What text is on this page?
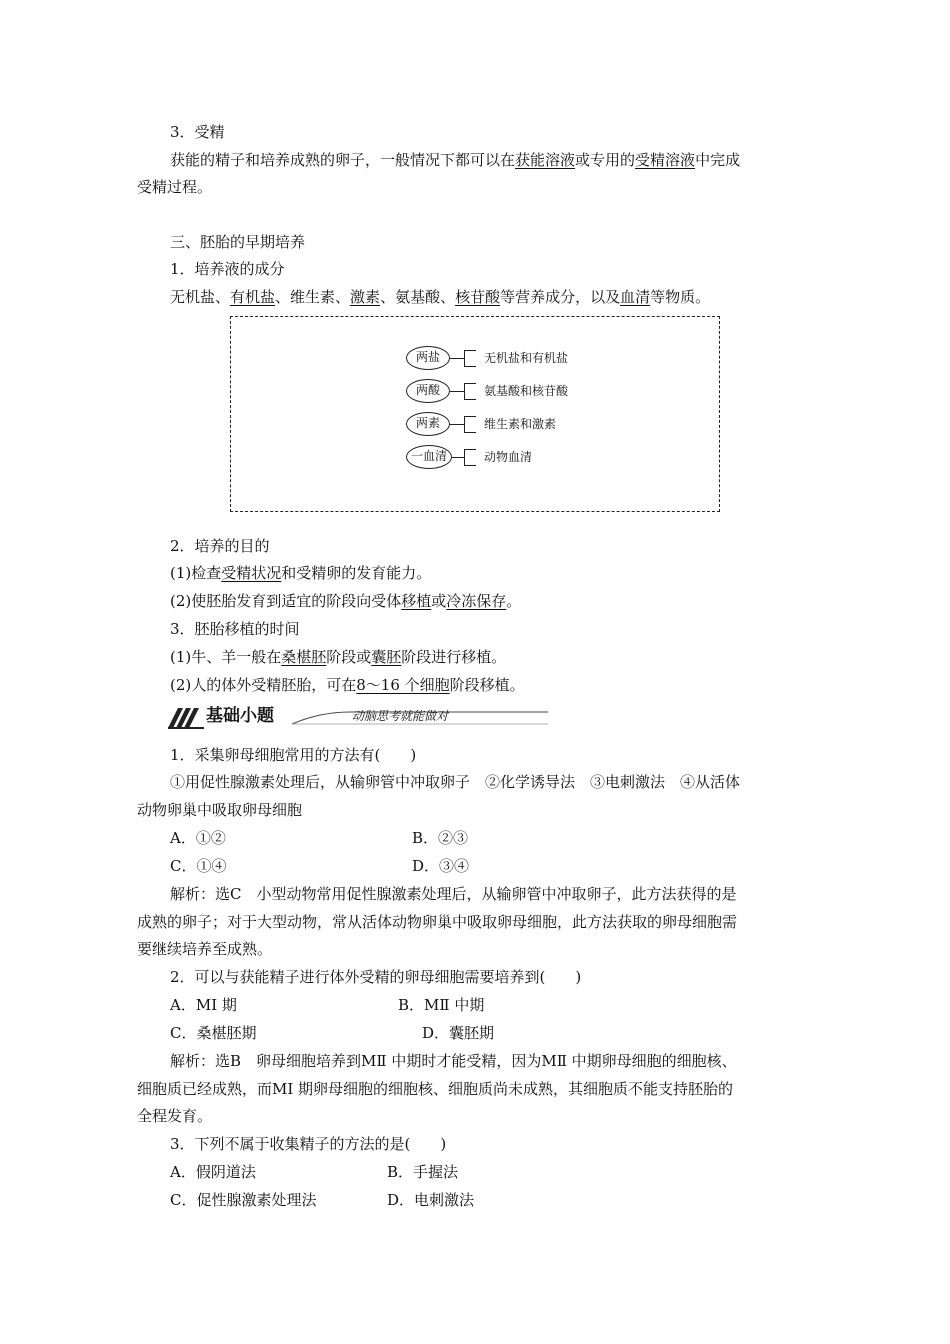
3．受精
获能的精子和培养成熟的卵子，一般情况下都可以在获能溶液或专用的受精溶液中完成
受精过程。
三、胚胎的早期培养
1．培养液的成分
无机盐、有机盐、维生素、激素、氨基酸、核苷酸等营养成分，以及血清等物质。
两盐
两酸
两素
一血清
无机盐和有机盐
氨基酸和核苷酸
维生素和激素
动物血清
2．培养的目的
(1)检查受精状况和受精卵的发育能力。
(2)使胚胎发育到适宜的阶段向受体移植或冷冻保存。
3．胚胎移植的时间
(1)牛、羊一般在桑椹胚阶段或囊胚阶段进行移植。
(2)人的体外受精胚胎，可在8～16 个细胞阶段移植。
基础小题	动脑思考就能做对
1．采集卵母细胞常用的方法有(　　)
①用促性腺激素处理后，从输卵管中冲取卵子　②化学诱导法　③电刺激法　④从活体
动物卵巢中吸取卵母细胞
A．①②	B．②③
C．①④	D．③④
解析：选C　小型动物常用促性腺激素处理后，从输卵管中冲取卵子，此方法获得的是
成熟的卵子；对于大型动物，常从活体动物卵巢中吸取卵母细胞，此方法获取的卵母细胞需
要继续培养至成熟。
2．可以与获能精子进行体外受精的卵母细胞需要培养到(　　)
A．MⅠ 期	B．MⅡ 中期
C．桑椹胚期	D．囊胚期
解析：选B　卵母细胞培养到MⅡ 中期时才能受精，因为MⅡ 中期卵母细胞的细胞核、
细胞质已经成熟，而MⅠ 期卵母细胞的细胞核、细胞质尚未成熟，其细胞质不能支持胚胎的
全程发育。
3．下列不属于收集精子的方法的是(　　)
A．假阴道法	B．手握法
C．促性腺激素处理法	D．电刺激法
